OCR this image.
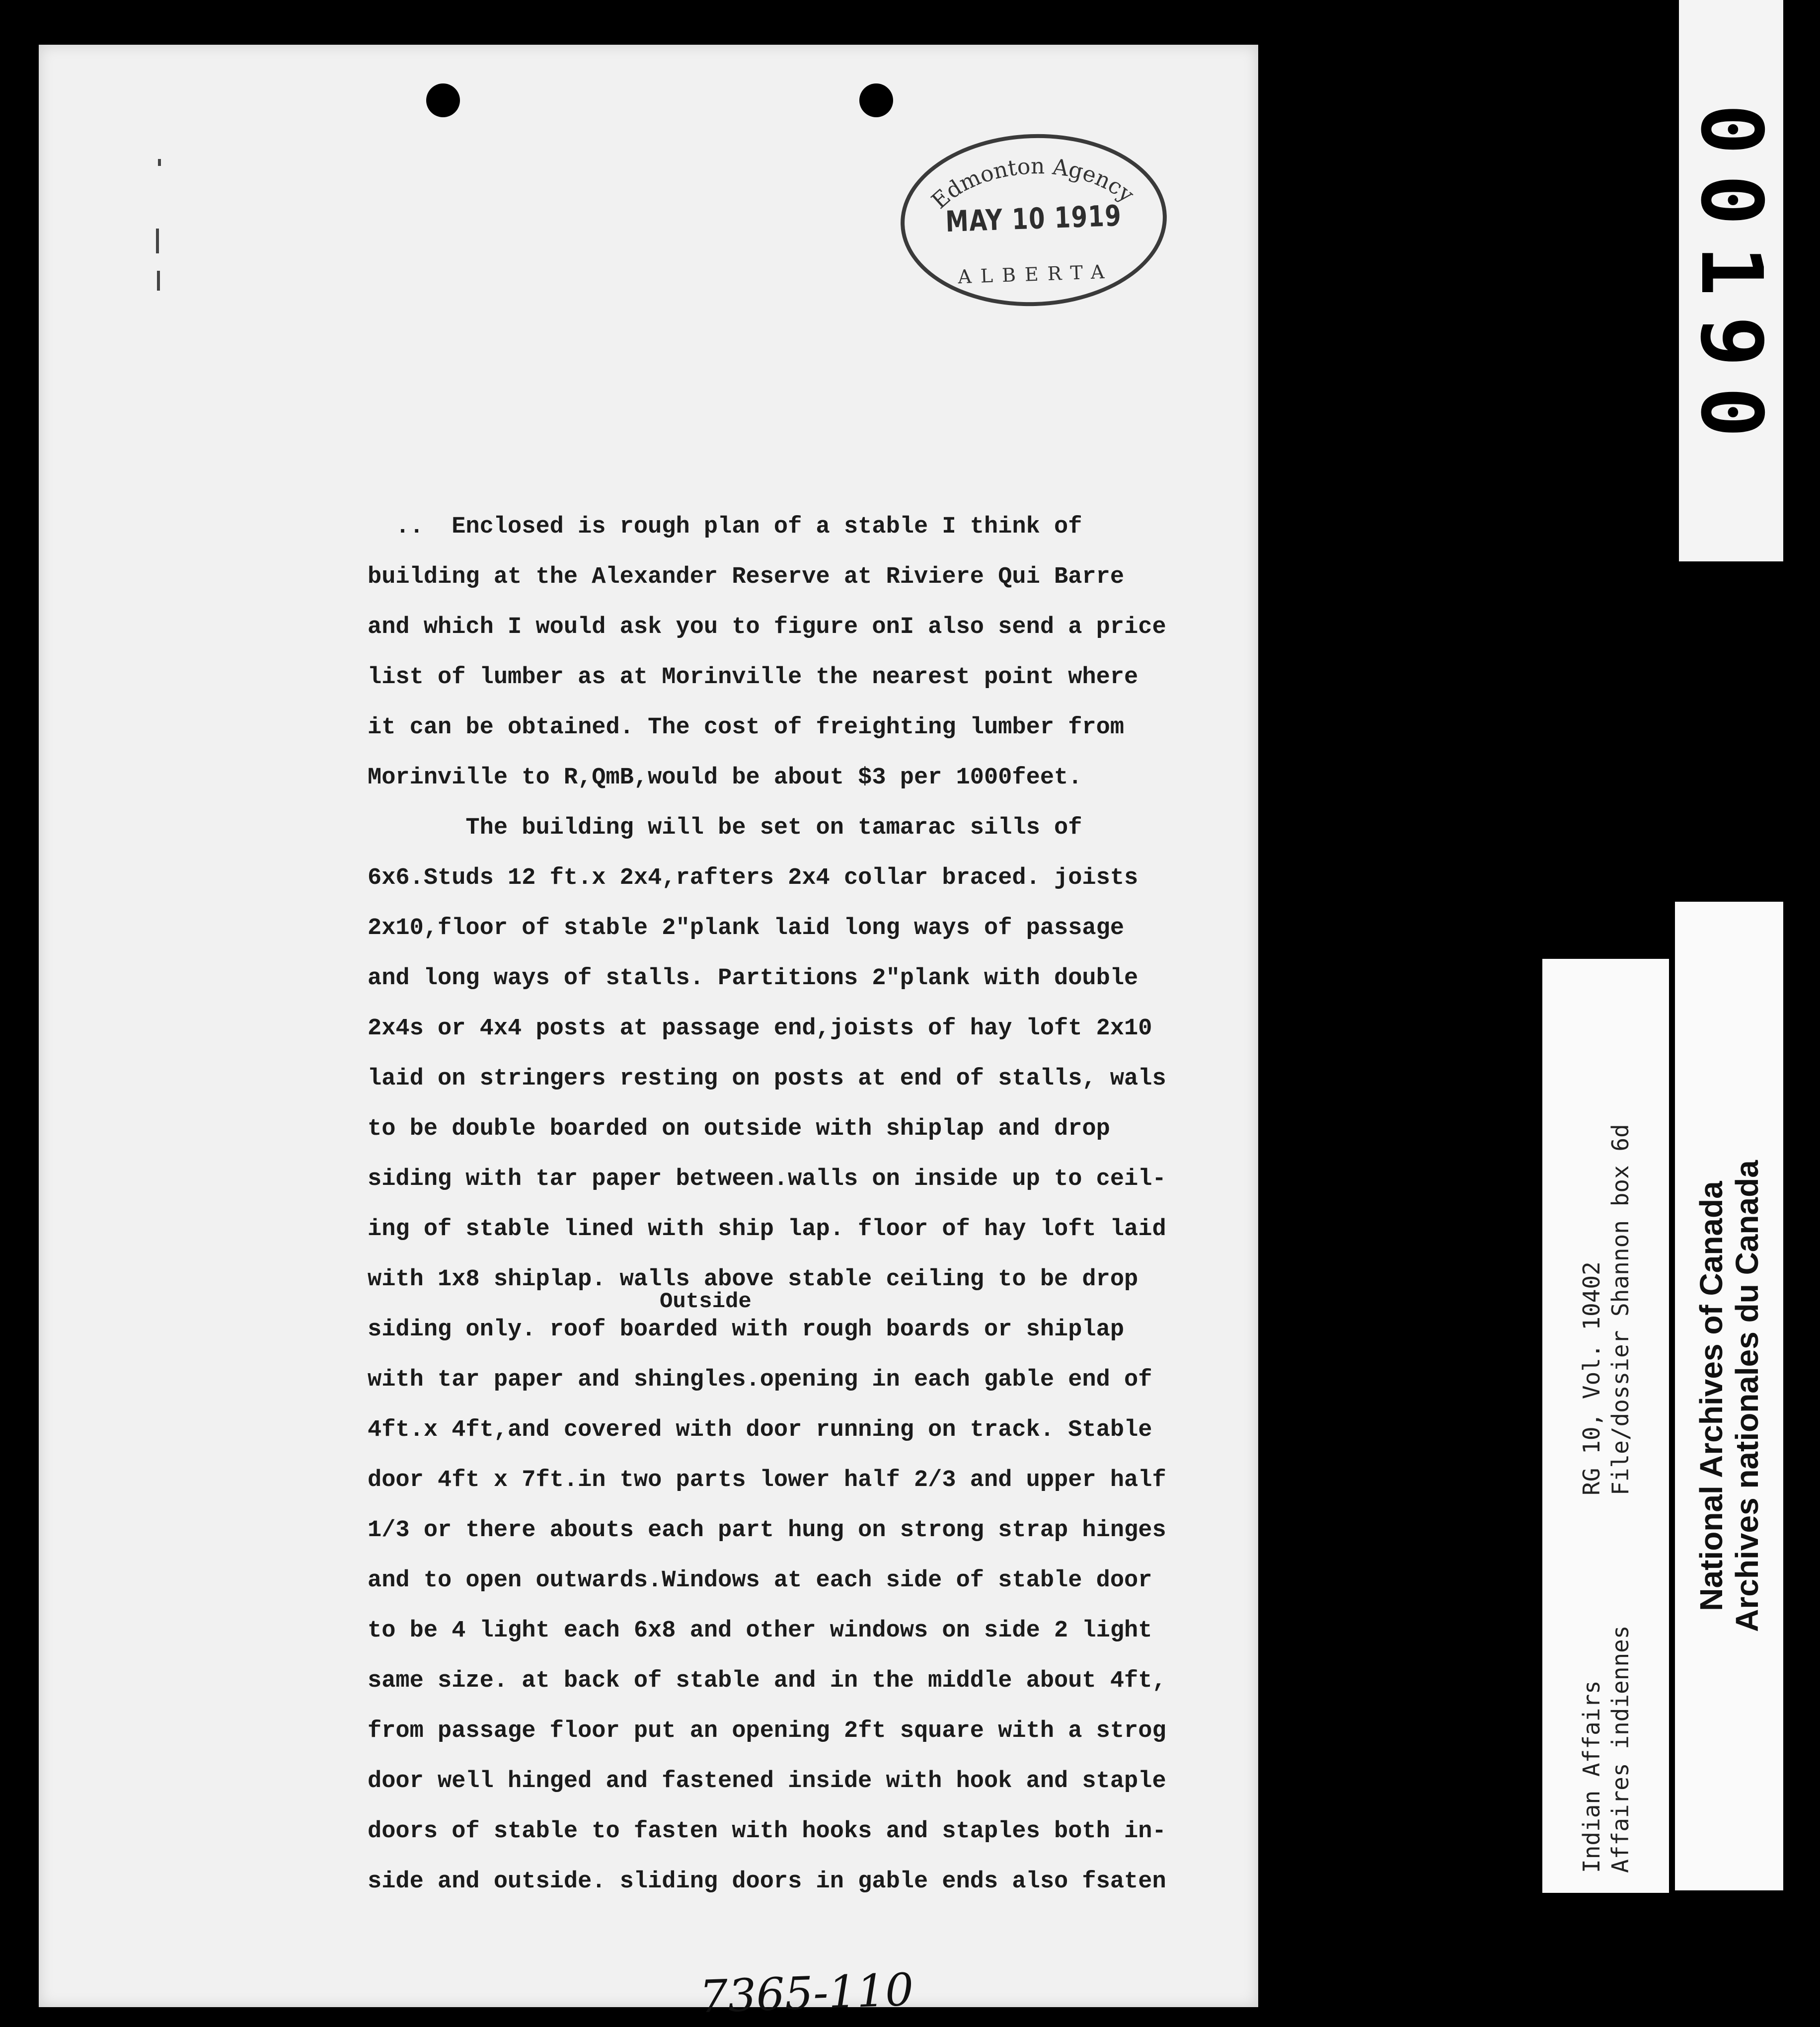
Edmonton Agency
MAY 10 1919
ALBERTA
Outside
7365-110
..  Enclosed is rough plan of a stable I think of
building at the Alexander Reserve at Riviere Qui Barre
and which I would ask you to figure onI also send a price
list of lumber as at Morinville the nearest point where
it can be obtained. The cost of freighting lumber from
Morinville to R,QmB,would be about $3 per 1000feet.
The building will be set on tamarac sills of
6x6.Studs 12 ft.x 2x4,rafters 2x4 collar braced. joists
2x10,floor of stable 2"plank laid long ways of passage
and long ways of stalls. Partitions 2"plank with double
2x4s or 4x4 posts at passage end,joists of hay loft 2x10
laid on stringers resting on posts at end of stalls, wals
to be double boarded on outside with shiplap and drop
siding with tar paper between.walls on inside up to ceil-
ing of stable lined with ship lap. floor of hay loft laid
with 1x8 shiplap. walls above stable ceiling to be drop
siding only. roof boarded with rough boards or shiplap
with tar paper and shingles.opening in each gable end of
4ft.x 4ft,and covered with door running on track. Stable
door 4ft x 7ft.in two parts lower half 2/3 and upper half
1/3 or there abouts each part hung on strong strap hinges
and to open outwards.Windows at each side of stable door
to be 4 light each 6x8 and other windows on side 2 light
same size. at back of stable and in the middle about 4ft,
from passage floor put an opening 2ft square with a strog
door well hinged and fastened inside with hook and staple
doors of stable to fasten with hooks and staples both in-
side and outside. sliding doors in gable ends also fsaten
00190
Indian Affairs
RG 10, Vol. 10402
Affaires indiennes
File/dossier Shannon box 6d National Archives of Canada Archives nationales du Canada
